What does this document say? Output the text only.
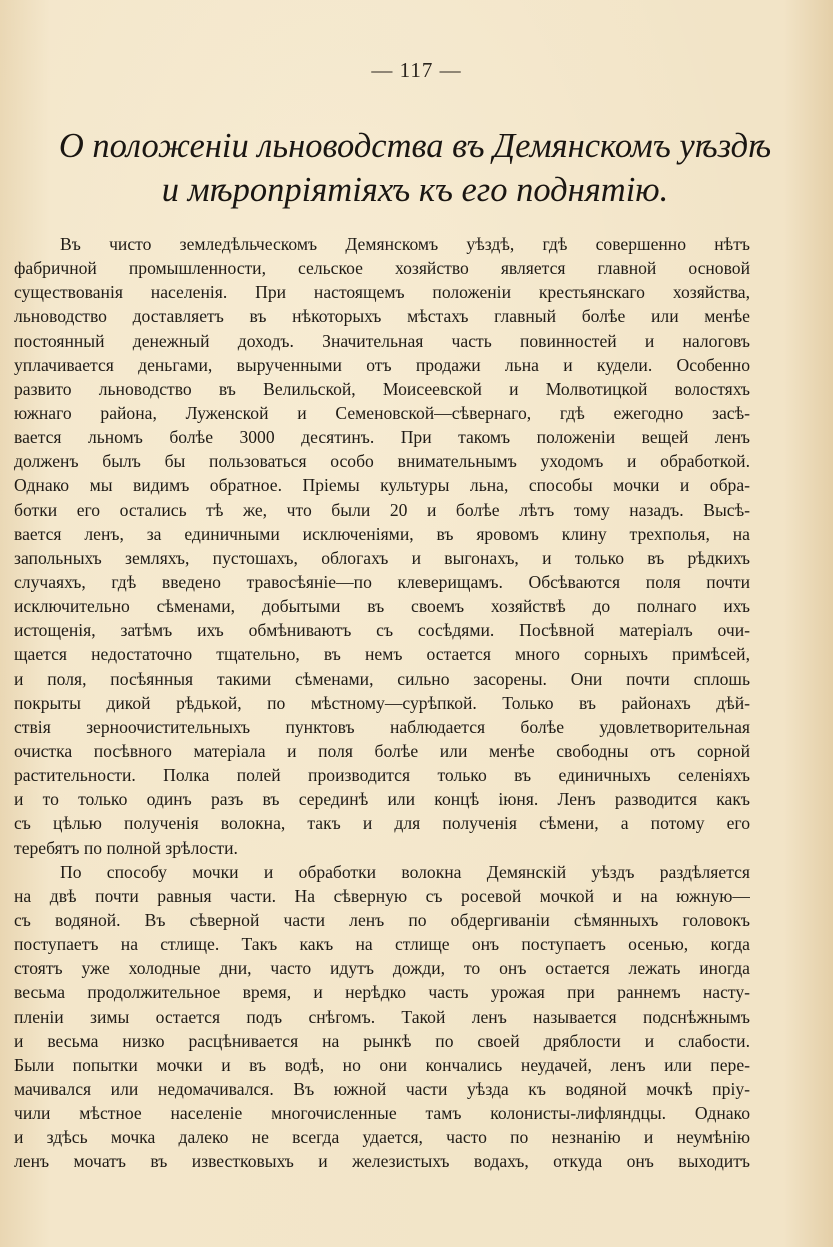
— 117 —
О положеніи льноводства въ Демянскомъ уѣздѣ
и мѣропріятіяхъ къ его поднятію.
Въ чисто земледѣльческомъ Демянскомъ уѣздѣ, гдѣ совершенно нѣтъ
фабричной промышленности, сельское хозяйство является главной основой
существованія населенія. При настоящемъ положеніи крестьянскаго хозяйства,
льноводство доставляетъ въ нѣкоторыхъ мѣстахъ главный болѣе или менѣе
постоянный денежный доходъ. Значительная часть повинностей и налоговъ
уплачивается деньгами, вырученными отъ продажи льна и кудели. Особенно
развито льноводство въ Велильской, Моисеевской и Молвотицкой волостяхъ
южнаго района, Луженской и Семеновской—сѣвернаго, гдѣ ежегодно засѣ-
вается льномъ болѣе 3000 десятинъ. При такомъ положеніи вещей ленъ
долженъ былъ бы пользоваться особо внимательнымъ уходомъ и обработкой.
Однако мы видимъ обратное. Пріемы культуры льна, способы мочки и обра-
ботки его остались тѣ же, что были 20 и болѣе лѣтъ тому назадъ. Высѣ-
вается ленъ, за единичными исключеніями, въ яровомъ клину трехполья, на
запольныхъ земляхъ, пустошахъ, облогахъ и выгонахъ, и только въ рѣдкихъ
случаяхъ, гдѣ введено травосѣяніе—по клеверищамъ. Обсѣваются поля почти
исключительно сѣменами, добытыми въ своемъ хозяйствѣ до полнаго ихъ
истощенія, затѣмъ ихъ обмѣниваютъ съ сосѣдями. Посѣвной матеріалъ очи-
щается недостаточно тщательно, въ немъ остается много сорныхъ примѣсей,
и поля, посѣянныя такими сѣменами, сильно засорены. Они почти сплошь
покрыты дикой рѣдькой, по мѣстному—сурѣпкой. Только въ районахъ дѣй-
ствія зерноочистительныхъ пунктовъ наблюдается болѣе удовлетворительная
очистка посѣвного матеріала и поля болѣе или менѣе свободны отъ сорной
растительности. Полка полей производится только въ единичныхъ селеніяхъ
и то только одинъ разъ въ серединѣ или концѣ іюня. Ленъ разводится какъ
съ цѣлью полученія волокна, такъ и для полученія сѣмени, а потому его
теребятъ по полной зрѣлости.
По способу мочки и обработки волокна Демянскій уѣздъ раздѣляется
на двѣ почти равныя части. На сѣверную съ росевой мочкой и на южную—
съ водяной. Въ сѣверной части ленъ по обдергиваніи сѣмянныхъ головокъ
поступаетъ на стлище. Такъ какъ на стлище онъ поступаетъ осенью, когда
стоятъ уже холодные дни, часто идутъ дожди, то онъ остается лежать иногда
весьма продолжительное время, и нерѣдко часть урожая при раннемъ насту-
пленіи зимы остается подъ снѣгомъ. Такой ленъ называется подснѣжнымъ
и весьма низко расцѣнивается на рынкѣ по своей дряблости и слабости.
Были попытки мочки и въ водѣ, но они кончались неудачей, ленъ или пере-
мачивался или недомачивался. Въ южной части уѣзда къ водяной мочкѣ пріу-
чили мѣстное населеніе многочисленные тамъ колонисты-лифляндцы. Однако
и здѣсь мочка далеко не всегда удается, часто по незнанію и неумѣнію
ленъ мочатъ въ известковыхъ и железистыхъ водахъ, откуда онъ выходитъ
